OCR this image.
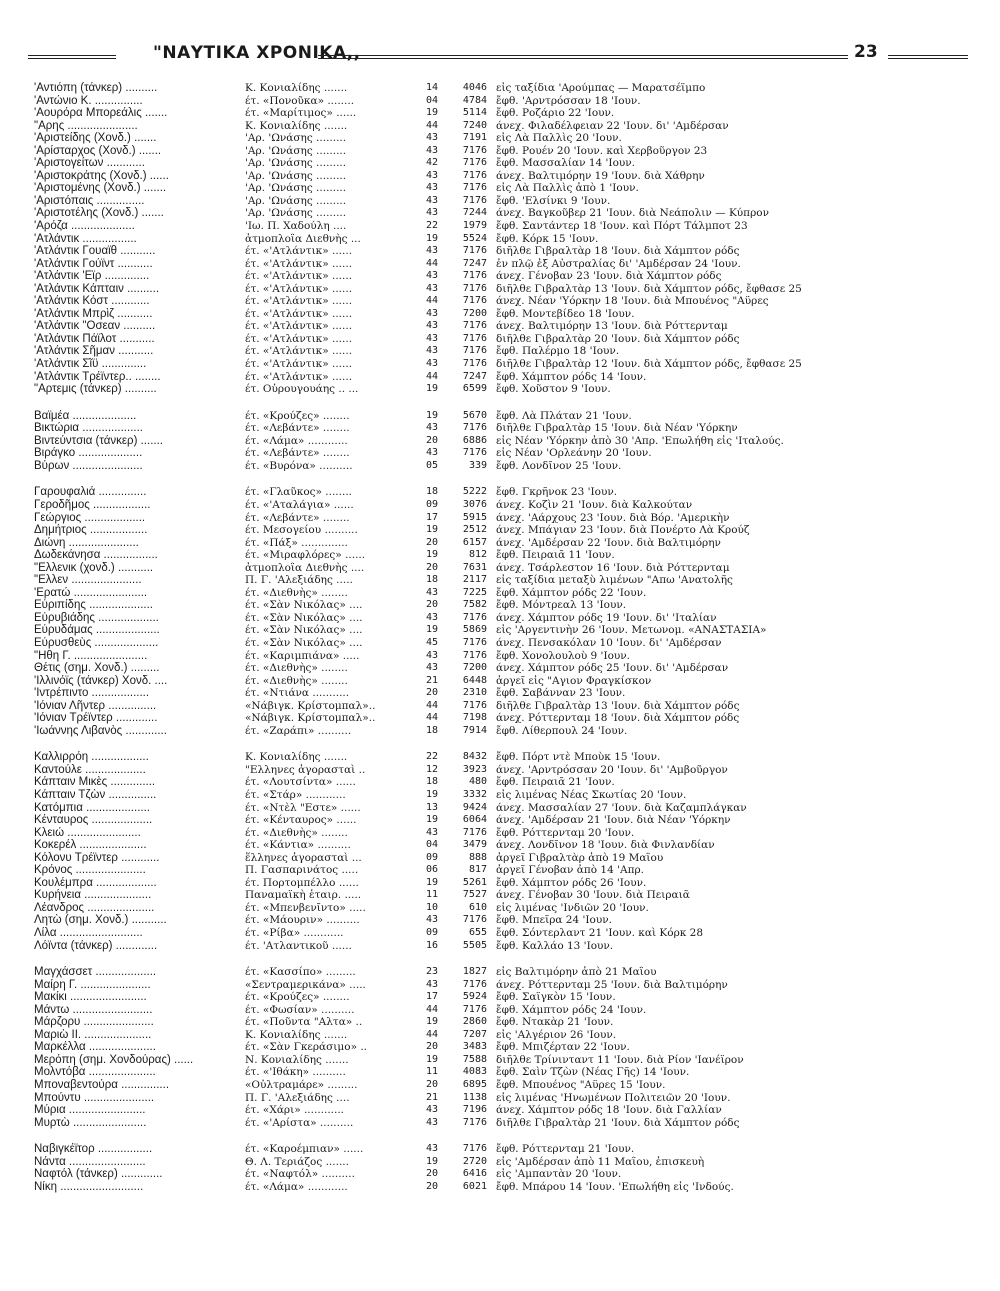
"ΝΑΥΤΙΚΑ ΧΡΟΝΙΚΑ,,	23
'Αντιόπη (τάνκερ) ..........	Κ. Κονιαλίδης .......	14	4046 εἰς ταξίδια 'Αρούμπας — Μαρατσέϊμπο
'Αντώνιο Κ. ...............	έτ. «Πονοῦκα» ........	04	4784 ἔφθ. 'Αρντρόσσαν 18 'Ιουν.
'Αουρόρα Μπορεάλις .......	έτ. «Μαρίτιμος» ......	19	5114 ἔφθ. Ροζάριο 22 'Ιουν.
"Αρης ......................	Κ. Κονιαλίδης .......	44	7240 άνεχ. Φιλαδέλφειαν 22 'Ιουν. δι' 'Αμδέρσαν
'Αριστείδης (Χονδ.) .......	'Αρ. 'Ωνάσης .........	43	7191 εἰς Λὰ Παλλὶς 20 'Ιουν.
'Αρίσταρχος (Χονδ.) .......	'Αρ. 'Ωνάσης .........	43	7176 ἔφθ. Ρουέν 20 'Ιουν. καὶ Χερβοῦργον 23
'Αριστογείτων ............	'Αρ. 'Ωνάσης .........	42	7176 ἔφθ. Μασσαλίαν 14 'Ιουν.
'Αριστοκράτης (Χονδ.) ......	'Αρ. 'Ωνάσης .........	43	7176 άνεχ. Βαλτιμόρην 19 'Ιουν. διὰ Χάθρην
'Αριστομένης (Χονδ.) .......	'Αρ. 'Ωνάσης .........	43	7176 εἰς Λὰ Παλλὶς ἀπὸ 1 'Ιουν.
'Αριστόπαις ...............	'Αρ. 'Ωνάσης .........	43	7176 ἔφθ. 'Ελσίνκι 9 'Ιουν.
'Αριστοτέλης (Χονδ.) .......	'Αρ. 'Ωνάσης .........	43	7244 άνεχ. Βαγκοῦβερ 21 'Ιουν. διὰ Νεάπολιν — Κύπρον
'Αρόζα ....................	'Ιω. Π. Χαδούλη ....	22	1979 ἔφθ. Σαντάντερ 18 'Ιουν. καὶ Πόρτ Τάλμποτ 23
'Ατλάντικ .................	ἀτμοπλοΐα Διεθνὴς ...	19	5524 ἔφθ. Κόρκ 15 'Ιουν.
'Ατλάντικ Γουαϊθ ...........	έτ. «'Ατλάντικ» ......	43	7176 διῆλθε Γιβραλτὰρ 18 'Ιουν. διὰ Χάμπτον ρόδς
'Ατλάντικ Γούϊντ ...........	έτ. «'Ατλάντικ» ......	44	7247 ἐν πλῷ ἐξ Αὐστραλίας δι' 'Αμδέρσαν 24 'Ιουν.
'Ατλάντικ 'Εϊρ ..............	έτ. «'Ατλάντικ» ......	43	7176 άνεχ. Γένοβαν 23 'Ιουν. διὰ Χάμπτον ρόδς
'Ατλάντικ Κάπταιν ..........	έτ. «'Ατλάντικ» ......	43	7176 διῆλθε Γιβραλτὰρ 13 'Ιουν. διὰ Χάμπτον ρόδς, ἔφθασε 25
'Ατλάντικ Κόστ ............	έτ. «'Ατλάντικ» ......	44	7176 άνεχ. Νέαν 'Υόρκην 18 'Ιουν. διὰ Μπουένος "Αϋρες
'Ατλάντικ Μπρὶζ ...........	έτ. «'Ατλάντικ» ......	43	7200 ἔφθ. Μοντεβίδεο 18 'Ιουν.
'Ατλάντικ "Οσεαν ..........	έτ. «'Ατλάντικ» ......	43	7176 άνεχ. Βαλτιμόρην 13 'Ιουν. διὰ Ρόττερνταμ
'Ατλάντικ Πάϊλοτ ...........	έτ. «'Ατλάντικ» ......	43	7176 διῆλθε Γιβραλτὰρ 20 'Ιουν. διὰ Χάμπτον ρόδς
'Ατλάντικ Σῆμαν ...........	έτ. «'Ατλάντικ» ......	43	7176 ἔφθ. Παλέρμο 18 'Ιουν.
'Ατλάντικ Σῖϋ ..............	έτ. «'Ατλάντικ» ......	43	7176 διῆλθε Γιβραλτὰρ 12 'Ιουν. διὰ Χάμπτον ρόδς, ἔφθασε 25
'Ατλάντικ Τρέϊντερ.. ........	έτ. «'Ατλάντικ» ......	44	7247 ἔφθ. Χάμπτον ρόδς 14 'Ιουν.
"Αρτεμις (τάνκερ) ..........	έτ. Οὐρουγουάης .. ...	19	6599 ἔφθ. Χοῦστον 9 'Ιουν.
Βαϊμέα ....................	έτ. «Κρούζες» ........	19	5670 ἔφθ. Λὰ Πλάταν 21 'Ιουν.
Βικτώρια ...................	έτ. «Λεβάντε» ........	43	7176 διῆλθε Γιβραλτὰρ 15 'Ιουν. διὰ Νέαν 'Υόρκην
Βιντεύντσια (τάνκερ) .......	έτ. «Λάμα» ............	20	6886 εἰς Νέαν 'Υόρκην ἀπὸ 30 'Απρ. 'Επωλήθη εἰς 'Ιταλούς.
Βιράγκο ....................	έτ. «Λεβάντε» ........	43	7176 εἰς Νέαν 'Ορλεάνην 20 'Ιουν.
Βύρων ......................	έτ. «Βυρόνα» ..........	05	339 ἔφθ. Λονδῖνον 25 'Ιουν.
Γαρουφαλιά ...............	έτ. «Γλαῦκος» ........	18	5222 ἔφθ. Γκρῆνοκ 23 'Ιουν.
Γεροδῆμος ..................	έτ. «'Αταλάγια» ......	09	3076 άνεχ. Κοζὶν 21 'Ιουν. διὰ Καλκούταν
Γεώργιος ...................	έτ. «Λεβάντε» ........	17	5915 άνεχ. 'Αάρχους 23 'Ιουν. διὰ Βόρ. 'Αμερικὴν
Δημήτριος ..................	έτ. Μεσογείου ..........	19	2512 άνεχ. Μπάγιαν 23 'Ιουν. διὰ Πονέρτο Λὰ Κρούζ
Διώνη ......................	έτ. «Πάξ» ..............	20	6157 άνεχ. 'Αμδέρσαν 22 'Ιουν. διὰ Βαλτιμόρην
Δωδεκάνησα .................	έτ. «Μιραφλόρες» ......	19	812 ἔφθ. Πειραιᾶ 11 'Ιουν.
"Ελλενικ (χονδ.) ...........	ἀτμοπλοΐα Διεθνὴς ....	20	7631 άνεχ. Τσάρλεστον 16 'Ιουν. διὰ Ρόττερνταμ
"Ελλεν ......................	Π. Γ. 'Αλεξιάδης .....	18	2117 εἰς ταξίδια μεταξὺ λιμένων "Απω 'Ανατολῆς
'Ερατώ .......................	έτ. «Διεθνὴς» ........	43	7225 ἔφθ. Χάμπτον ρόδς 22 'Ιουν.
Εὐριπίδης ....................	έτ. «Σὰν Νικόλας» ....	20	7582 ἔφθ. Μόντρεαλ 13 'Ιουν.
Εὐρυβιάδης ...................	έτ. «Σὰν Νικόλας» ....	43	7176 άνεχ. Χάμπτον ρόδς 19 'Ιουν. δι' 'Ιταλίαν
Εὐρυδάμας ....................	έτ. «Σὰν Νικόλας» ....	19	5869 εἰς 'Αργεντινὴν 26 'Ιουν. Μετωνομ. «ΑΝΑΣΤΑΣΙΑ»
Εὐρυσθεὺς ....................	έτ. «Σὰν Νικόλας» ....	45	7176 άνεχ. Πενσακόλαν 10 'Ιουν. δι' 'Αμδέρσαν
"Ηθη Γ. .......................	έτ. «Καριμπιάνα» .....	43	7176 ἔφθ. Χονολουλοὺ 9 'Ιουν.
Θέτις (σημ. Χονδ.) .........	έτ. «Διεθνὴς» ........	43	7200 άνεχ. Χάμπτον ρόδς 25 'Ιουν. δι' 'Αμδέρσαν
'Ιλλινόϊς (τάνκερ) Χονδ. ....	έτ. «Διεθνὴς» ........	21	6448 ἀργεῖ εἰς "Αγιον Φραγκίσκον
'Ιντρέπιντο ..................	έτ. «Ντιάνα ...........	20	2310 ἔφθ. Σαβάνναν 23 'Ιουν.
'Ιόνιαν Λῆντερ ...............	«Νάβιγκ. Κρίστομπαλ»..	44	7176 διῆλθε Γιβραλτὰρ 13 'Ιουν. διὰ Χάμπτον ρόδς
'Ιόνιαν Τρέϊντερ .............	«Νάβιγκ. Κρίστομπαλ»..	44	7198 άνεχ. Ρόττερνταμ 18 'Ιουν. διὰ Χάμπτον ρόδς
'Ιωάννης Λιβανὸς .............	έτ. «Ζαράπι» ..........	18	7914 ἔφθ. Λίθερπουλ 24 'Ιουν.
Καλλιρρόη ..................	Κ. Κονιαλίδης .......	22	8432 ἔφθ. Πόρτ ντὲ Μποὺκ 15 'Ιουν.
Καντούλε ...................	"Ελληνες ἀγορασταὶ ..	12	3923 άνεχ. 'Αρντρόσσαν 20 'Ιουν. δι' 'Αμβοῦργον
Κάπταιν Μικὲς ..............	έτ. «Λουτσίντα» ......	18	480 ἔφθ. Πειραιᾶ 21 'Ιουν.
Κάπταιν Τζὼν ...............	έτ. «Στάρ» ............	19	3332 εἰς λιμένας Νέας Σκωτίας 20 'Ιουν.
Κατόμπια ....................	έτ. «Ντὲλ "Εστε» ......	13	9424 άνεχ. Μασσαλίαν 27 'Ιουν. διὰ Καζαμπλάγκαν
Κένταυρος ...................	έτ. «Κένταυρος» ......	19	6064 άνεχ. 'Αμδέρσαν 21 'Ιουν. διὰ Νέαν 'Υόρκην
Κλειώ .......................	έτ. «Διεθνὴς» ........	43	7176 ἔφθ. Ρόττερνταμ 20 'Ιουν.
Κοκερέλ .....................	έτ. «Κάντια» ..........	04	3479 άνεχ. Λονδῖνον 18 'Ιουν. διὰ Φινλανδίαν
Κόλονυ Τρέϊντερ ............	ἕλληνες ἀγορασταὶ ...	09	888 ἀργεῖ Γιβραλτὰρ ἀπὸ 19 Μαΐου
Κρόνος ......................	Π. Γασπαρινάτος .....	06	817 ἀργεῖ Γένοβαν ἀπὸ 14 'Απρ.
Κουλέμπρα ...................	έτ. Πορτομπέλλο ......	19	5261 ἔφθ. Χάμπτον ρόδς 26 'Ιουν.
Κυρήνεια .....................	Παναμαϊκὴ ἑταιρ. .....	11	7527 άνεχ. Γένοβαν 30 'Ιουν. διὰ Πειραιᾶ
Λέανδρος .....................	έτ. «Μπενβενῖντο» .....	10	610 εἰς λιμένας 'Ινδιῶν 20 'Ιουν.
Λητὼ (σημ. Χονδ.) ...........	έτ. «Μάουριν» ..........	43	7176 ἔφθ. Μπεῖρα 24 'Ιουν.
Λίλα ..........................	έτ. «Ρίβα» ............	09	655 ἔφθ. Σόντερλαντ 21 'Ιουν. καὶ Κόρκ 28
Λόϊντα (τάνκερ) .............	έτ. 'Ατλαντικοῦ ......	16	5505 ἔφθ. Καλλάο 13 'Ιουν.
Μαγχάσσετ ...................	έτ. «Κασσίπο» .........	23	1827 εἰς Βαλτιμόρην ἀπὸ 21 Μαΐου
Μαίρη Γ. ......................	«Σεντραμερικάνα» .....	43	7176 άνεχ. Ρόττερνταμ 25 'Ιουν. διὰ Βαλτιμόρην
Μακίκι ........................	έτ. «Κρούζες» ........	17	5924 ἔφθ. Σαϊγκὸν 15 'Ιουν.
Μάντω .........................	έτ. «Φωσίαν» ..........	44	7176 ἔφθ. Χάμπτον ρόδς 24 'Ιουν.
Μάρζορυ ......................	έτ. «Ποῦντα "Αλτα» ..	19	2860 ἔφθ. Ντακὰρ 21 'Ιουν.
Μαριὼ ΙΙ. .....................	Κ. Κονιαλίδης .......	44	7207 εἰς 'Αλγέριον 26 'Ιουν.
Μαρκέλλα .....................	έτ. «Σὰν Γκεράσιμο» ..	20	3483 ἔφθ. Μπιζέρταν 22 'Ιουν.
Μερόπη (σημ. Χονδούρας) ......	Ν. Κονιαλίδης .......	19	7588 διῆλθε Τρίνινταντ 11 'Ιουν. διὰ Ρίον 'Ιανέϊρον
Μολντόβα .....................	έτ. «'Ιθάκη» ..........	11	4083 ἔφθ. Σαὶν Τζὼν (Νέας Γῆς) 14 'Ιουν.
Μποναβεντούρα ...............	«Οὐλτραμάρε» .........	20	6895 ἔφθ. Μπουένος "Αϋρες 15 'Ιουν.
Μπούντυ ......................	Π. Γ. 'Αλεξιάδης ....	21	1138 εἰς λιμένας 'Ηνωμένων Πολιτειῶν 20 'Ιουν.
Μύρια ........................	έτ. «Χάρι» ............	43	7196 άνεχ. Χάμπτον ρόδς 18 'Ιουν. διὰ Γαλλίαν
Μυρτὼ .......................	έτ. «'Αρίστα» ..........	43	7176 διῆλθε Γιβραλτὰρ 21 'Ιουν. διὰ Χάμπτον ρόδς
Ναβιγκέϊτορ .................	έτ. «Καροέμπιαν» ......	43	7176 ἔφθ. Ρόττερνταμ 21 'Ιουν.
Νάντα ........................	Θ. Λ. Τεριάζος .......	19	2720 εἰς 'Αμδέρσαν ἀπὸ 11 Μαΐου, ἐπισκευὴ
Ναφτόλ (τάνκερ) .............	έτ. «Ναφτόλ» ..........	20	6416 εἰς 'Αμπαντὰν 20 'Ιουν.
Νίκη ..........................	έτ. «Λάμα» ............	20	6021 ἔφθ. Μπάρου 14 'Ιουν. 'Επωλήθη εἰς 'Ινδούς.
